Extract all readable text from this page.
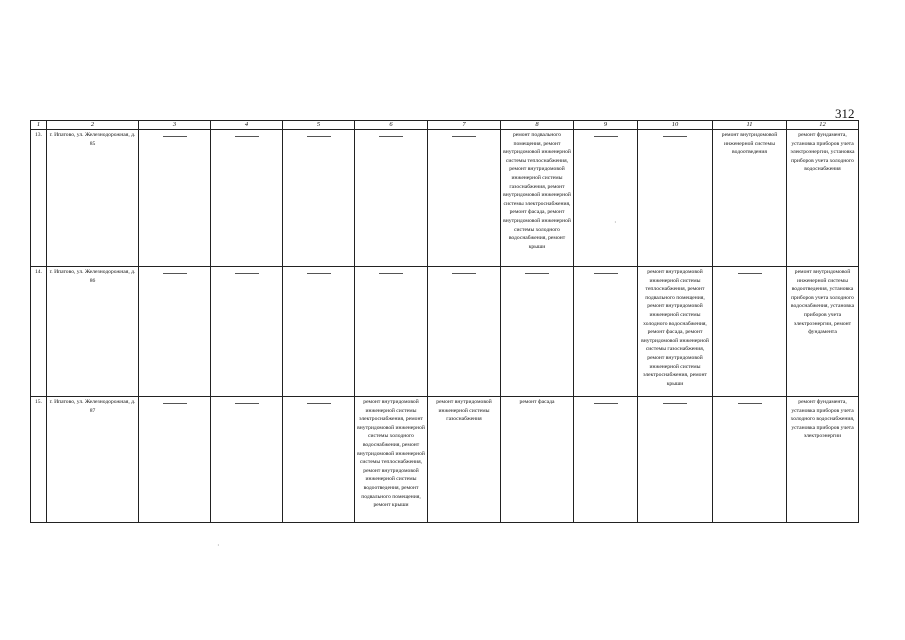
312
1	2	3	4	5	6	7	8	9	10	11	12
13.	г. Ипатово, ул. Железнодорожная, д. 85						ремонт подвального помещения, ремонт внутридомовой инженерной системы теплоснабжения, ремонт внутридомовой инженерной системы газоснабжения, ремонт внутридомовой инженерной системы электроснабжения, ремонт фасада, ремонт внутридомовой инженерной системы холодного водоснабжения, ремонт крыши			ремонт внутридомовой инженерной системы водоотведения	ремонт фундамента, установка приборов учета электроэнергии, установка приборов учета холодного водоснабжения
14.	г. Ипатово, ул. Железнодорожная, д. 86								ремонт внутридомовой инженерной системы теплоснабжения, ремонт подвального помещения, ремонт внутридомовой инженерной системы холодного водоснабжения, ремонт фасада, ремонт внутридомовой инженерной системы газоснабжения, ремонт внутридомовой инженерной системы электроснабжения, ремонт крыши		ремонт внутридомовой инженерной системы водоотведения, установка приборов учета холодного водоснабжения, установка приборов учета электроэнергии, ремонт фундамента
15.	г. Ипатово, ул. Железнодорожная, д. 87				ремонт внутридомовой инженерной системы электроснабжения, ремонт внутридомовой инженерной системы холодного водоснабжения, ремонт внутридомовой инженерной системы теплоснабжения, ремонт внутридомовой инженерной системы водоотведения, ремонт подвального помещения, ремонт крыши	ремонт внутридомовой инженерной системы газоснабжения	ремонт фасада				ремонт фундамента, установка приборов учета холодного водоснабжения, установка приборов учета электроэнергии
·
·
